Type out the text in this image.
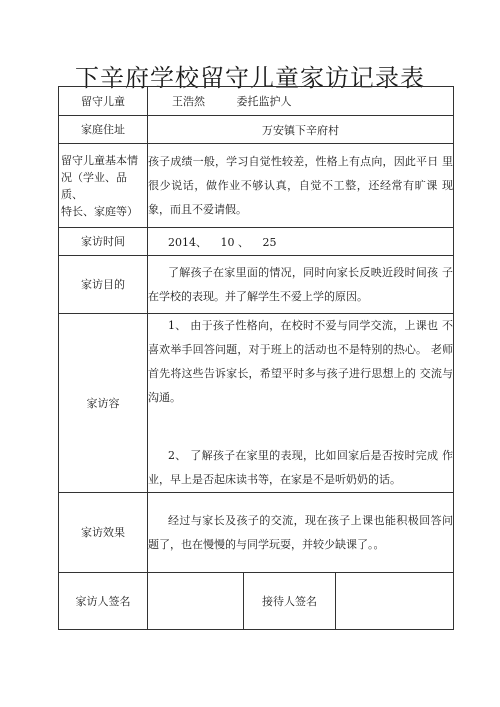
下辛府学校留守儿童家访记录表
留守儿童	王浩然 委托监护人		
家庭住址	万安镇下辛府村		

留守儿童基本情
况（学业、品质、
特长、家庭等）	孩子成绩一般，学习自觉性较差，性格上有点向，因此平日 里很少说话，做作业不够认真，自觉不工整，还经常有旷课 现象，而且不爱请假。		
家访时间	2014、 10 、 25		
家访目的	了解孩子在家里面的情况，同时向家长反映近段时间孩 子在学校的表现。并了解学生不爱上学的原因。		
家访容	1、 由于孩子性格向，在校时不爱与同学交流，上课也 不喜欢举手回答问题，对于班上的活动也不是特别的热心。 老师首先将这些告诉家长，希望平时多与孩子进行思想上的 交流与沟通。
2、 了解孩子在家里的表现，比如回家后是否按时完成 作业，早上是否起床读书等，在家是不是听奶奶的话。		

家访效果	经过与家长及孩子的交流，现在孩子上课也能积极回答问题了，也在慢慢的与同学玩耍，并较少缺课了。。		
家访人签名		接待人签名	
